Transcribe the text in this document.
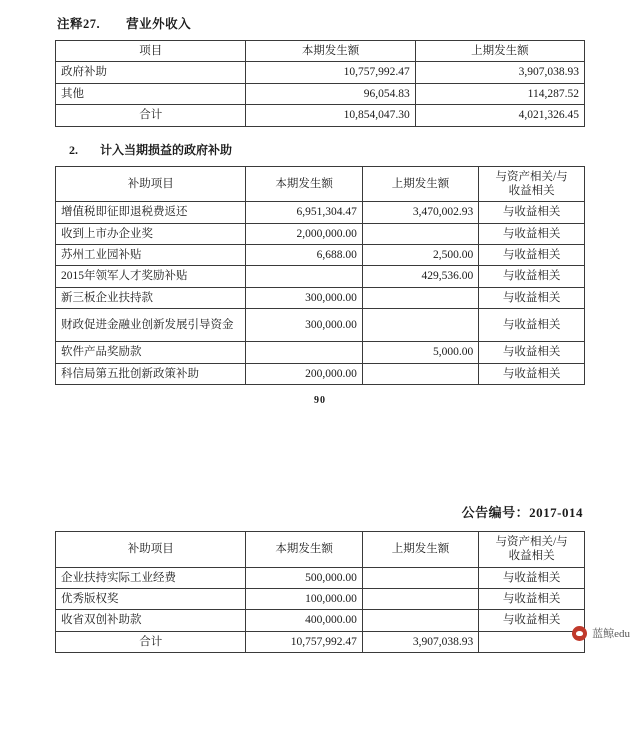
注释27. 营业外收入
项目	本期发生额	上期发生额
政府补助	10,757,992.47	3,907,038.93
其他	96,054.83	114,287.52
合计	10,854,047.30	4,021,326.45
2. 计入当期损益的政府补助
补助项目	本期发生额	上期发生额	与资产相关/与
收益相关

增值税即征即退税费返还	6,951,304.47	3,470,002.93	与收益相关
收到上市办企业奖	2,000,000.00		与收益相关
苏州工业园补贴	6,688.00	2,500.00	与收益相关
2015年领军人才奖励补贴		429,536.00	与收益相关
新三板企业扶持款	300,000.00		与收益相关
财政促进金融业创新发展引导资金	300,000.00		与收益相关
软件产品奖励款		5,000.00	与收益相关
科信局第五批创新政策补助	200,000.00		与收益相关
90
公告编号：2017-014
补助项目	本期发生额	上期发生额	与资产相关/与
收益相关

企业扶持实际工业经费	500,000.00		与收益相关
优秀版权奖	100,000.00		与收益相关
收省双创补助款	400,000.00		与收益相关
合计	10,757,992.47	3,907,038.93	
蓝鲸edu
